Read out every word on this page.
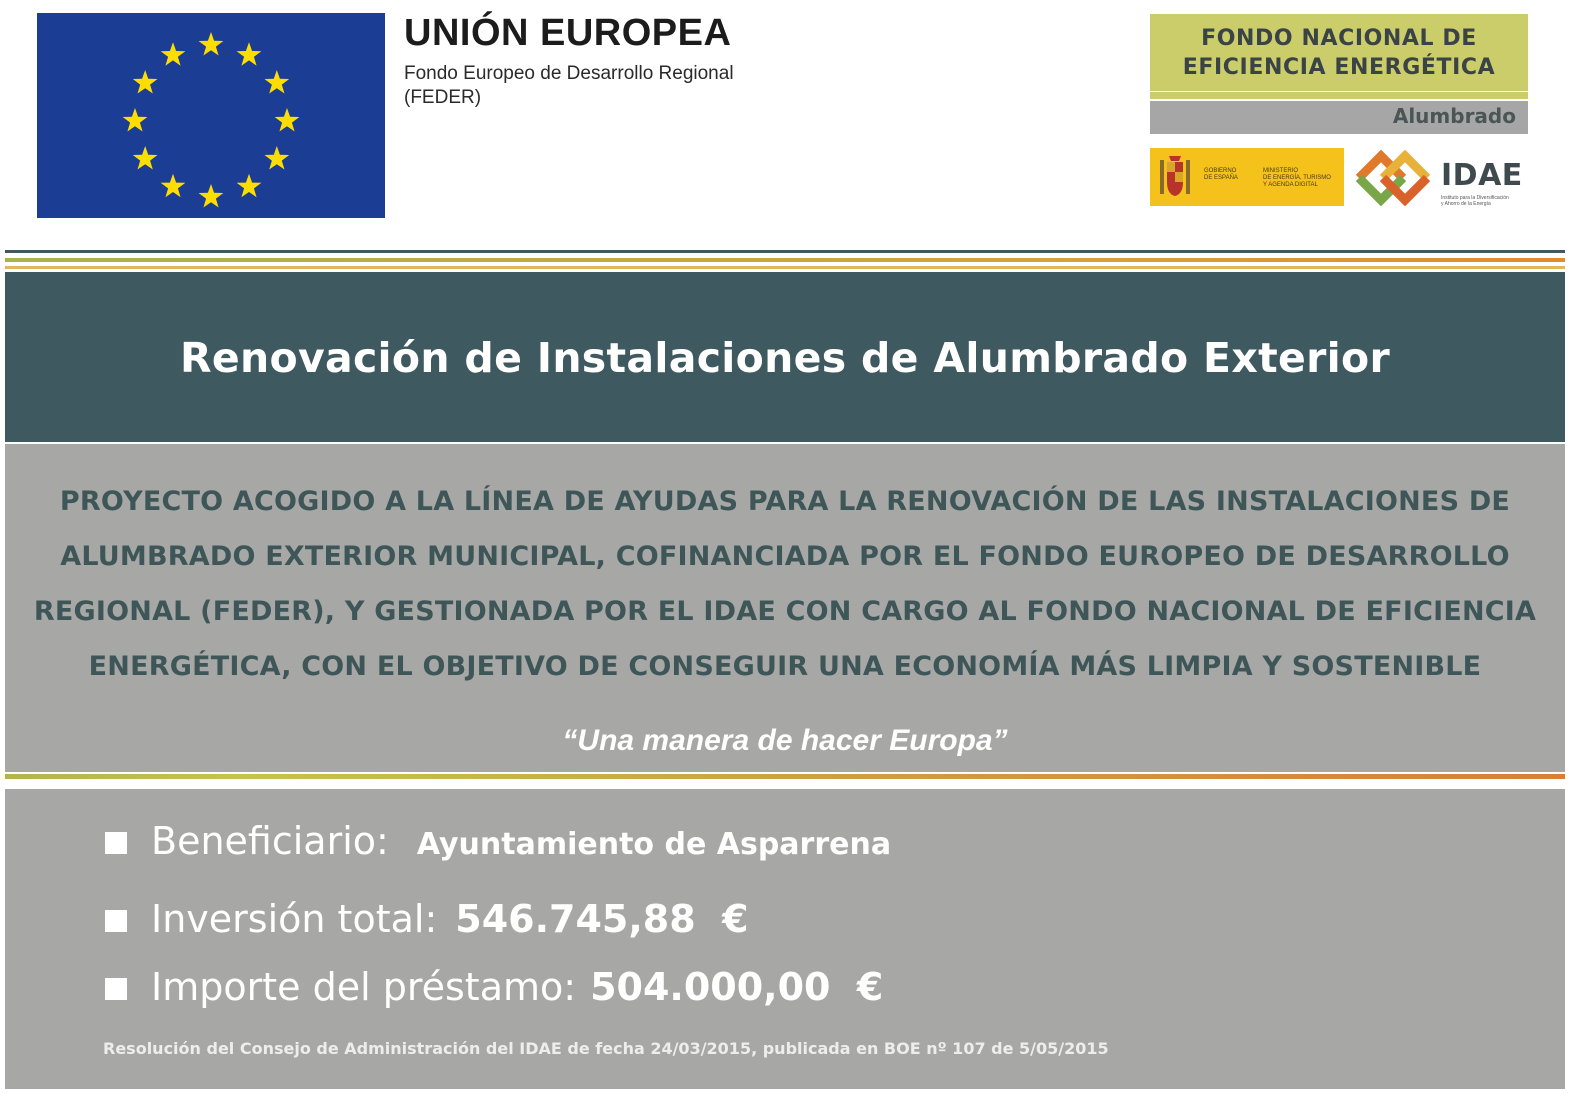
UNIÓN EUROPEA
Fondo Europeo de Desarrollo Regional
(FEDER)
FONDO NACIONAL DE
EFICIENCIA ENERGÉTICA
Alumbrado
GOBIERNO
DE ESPAÑA
MINISTERIO
DE ENERGÍA, TURISMO
Y AGENDA DIGITAL	IDAE
Instituto para la Diversificación
y Ahorro de la Energía
Renovación de Instalaciones de Alumbrado Exterior
PROYECTO ACOGIDO A LA LÍNEA DE AYUDAS PARA LA RENOVACIÓN DE LAS INSTALACIONES DE
ALUMBRADO EXTERIOR MUNICIPAL, COFINANCIADA POR EL FONDO EUROPEO DE DESARROLLO
REGIONAL (FEDER), Y GESTIONADA POR EL IDAE CON CARGO AL FONDO NACIONAL DE EFICIENCIA
ENERGÉTICA, CON EL OBJETIVO DE CONSEGUIR UNA ECONOMÍA MÁS LIMPIA Y SOSTENIBLE
“Una manera de hacer Europa”
Beneficiario: Ayuntamiento de Asparrena
Inversión total: 546.745,88  €
Importe del préstamo: 504.000,00  €
Resolución del Consejo de Administración del IDAE de fecha 24/03/2015, publicada en BOE nº 107 de 5/05/2015
